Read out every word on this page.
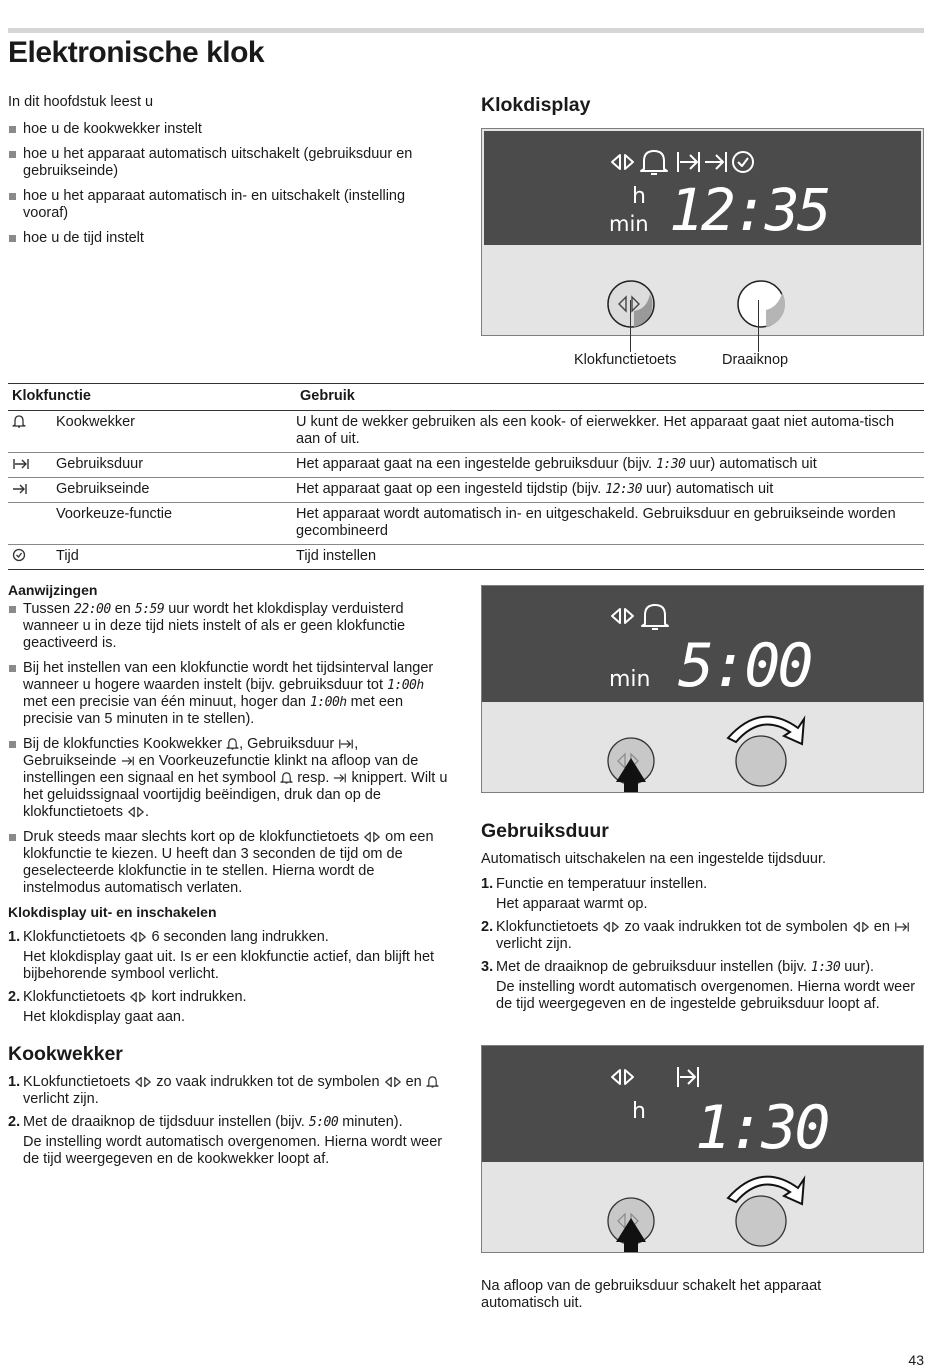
Elektronische klok
In dit hoofdstuk leest u
hoe u de kookwekker instelt
hoe u het apparaat automatisch uitschakelt (gebruiksduur en gebruikseinde)
hoe u het apparaat automatisch in- en uitschakelt (instelling vooraf)
hoe u de tijd instelt
Klokdisplay
h
min 12:35
Klokfunctietoets	Draaiknop
Klokfunctie		Gebruik
	Kookwekker	U kunt de wekker gebruiken als een kook- of eierwekker. Het apparaat gaat niet automa-tisch aan of uit.
	Gebruiksduur	Het apparaat gaat na een ingestelde gebruiksduur (bijv. 1:30 uur) automatisch uit
	Gebruikseinde	Het apparaat gaat op een ingesteld tijdstip (bijv. 12:30 uur) automatisch uit
	Voorkeuze-functie	Het apparaat wordt automatisch in- en uitgeschakeld. Gebruiksduur en gebruikseinde worden gecombineerd
	Tijd	Tijd instellen
Aanwijzingen
Tussen 22:00 en 5:59 uur wordt het klokdisplay verduisterd wanneer u in deze tijd niets instelt of als er geen klokfunctie geactiveerd is.
Bij het instellen van een klokfunctie wordt het tijdsinterval langer wanneer u hogere waarden instelt (bijv. gebruiksduur tot 1:00h met een precisie van één minuut, hoger dan 1:00h met een precisie van 5 minuten in te stellen).
Bij de klokfuncties Kookwekker , Gebruiksduur , Gebruikseinde en Voorkeuzefunctie klinkt na afloop van de instellingen een signaal en het symbool resp. knippert. Wilt u het geluidssignaal voortijdig beëindigen, druk dan op de klokfunctietoets .
Druk steeds maar slechts kort op de klokfunctietoets om een klokfunctie te kiezen. U heeft dan 3 seconden de tijd om de geselecteerde klokfunctie in te stellen. Hierna wordt de instelmodus automatisch verlaten.
Klokdisplay uit- en inschakelen
1. Klokfunctietoets 6 seconden lang indrukken.
Het klokdisplay gaat uit. Is er een klokfunctie actief, dan blijft het bijbehorende symbool verlicht.
2. Klokfunctietoets kort indrukken.
Het klokdisplay gaat aan.
Kookwekker
1. KLokfunctietoets zo vaak indrukken tot de symbolen en  verlicht zijn.
2. Met de draaiknop de tijdsduur instellen (bijv. 5:00 minuten).
De instelling wordt automatisch overgenomen. Hierna wordt weer de tijd weergegeven en de kookwekker loopt af.
min 5:00
Gebruiksduur
Automatisch uitschakelen na een ingestelde tijdsduur.
1. Functie en temperatuur instellen.
Het apparaat warmt op.
2. Klokfunctietoets zo vaak indrukken tot de symbolen en  verlicht zijn.
3. Met de draaiknop de gebruiksduur instellen (bijv. 1:30 uur).
De instelling wordt automatisch overgenomen. Hierna wordt weer de tijd weergegeven en de ingestelde gebruiksduur loopt af.
h 1:30
Na afloop van de gebruiksduur schakelt het apparaat automatisch uit.
43
